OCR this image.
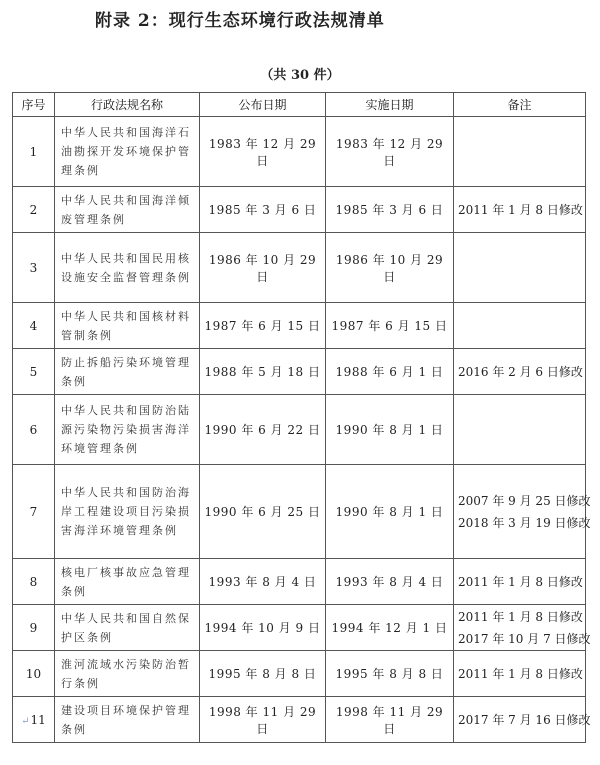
附录 2：现行生态环境行政法规清单
（共 30 件）
序号	行政法规名称	公布日期	实施日期	备注
1	中华人民共和国海洋石油勘探开发环境保护管理条例	1983 年 12 月 29 日	1983 年 12 月 29 日	
2	中华人民共和国海洋倾废管理条例	1985 年 3 月 6 日	1985 年 3 月 6 日	2011 年 1 月 8 日修改

3	中华人民共和国民用核设施安全监督管理条例	1986 年 10 月 29 日	1986 年 10 月 29 日	
4	中华人民共和国核材料管制条例	1987 年 6 月 15 日	1987 年 6 月 15 日	
5	防止拆船污染环境管理条例	1988 年 5 月 18 日	1988 年 6 月 1 日	2016 年 2 月 6 日修改

6	中华人民共和国防治陆源污染物污染损害海洋环境管理条例	1990 年 6 月 22 日	1990 年 8 月 1 日	
7	中华人民共和国防治海岸工程建设项目污染损害海洋环境管理条例	1990 年 6 月 25 日	1990 年 8 月 1 日	2007 年 9 月 25 日修改
2018 年 3 月 19 日修改

8	核电厂核事故应急管理条例	1993 年 8 月 4 日	1993 年 8 月 4 日	2011 年 1 月 8 日修改

9	中华人民共和国自然保护区条例	1994 年 10 月 9 日	1994 年 12 月 1 日	2011 年 1 月 8 日修改
2017 年 10 月 7 日修改

10	淮河流域水污染防治暂行条例	1995 年 8 月 8 日	1995 年 8 月 8 日	2011 年 1 月 8 日修改

↵11	建设项目环境保护管理条例	1998 年 11 月 29 日	1998 年 11 月 29 日	2017 年 7 月 16 日修改
